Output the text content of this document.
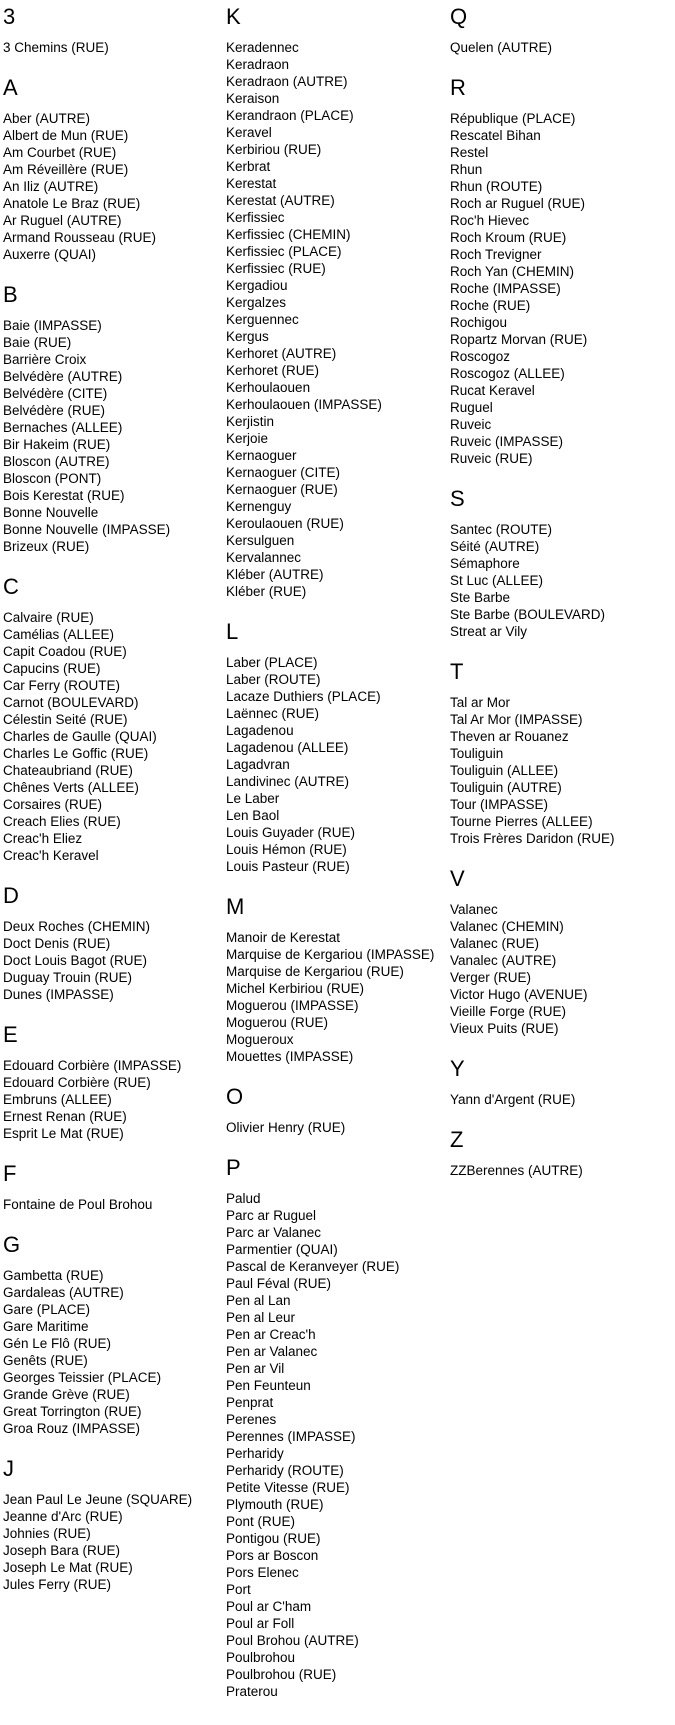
3
3 Chemins (RUE)
A
Aber (AUTRE)
Albert de Mun (RUE)
Am Courbet (RUE)
Am Réveillère (RUE)
An Iliz (AUTRE)
Anatole Le Braz (RUE)
Ar Ruguel (AUTRE)
Armand Rousseau (RUE)
Auxerre (QUAI)
B
Baie (IMPASSE)
Baie (RUE)
Barrière Croix
Belvédère (AUTRE)
Belvédère (CITE)
Belvédère (RUE)
Bernaches (ALLEE)
Bir Hakeim (RUE)
Bloscon (AUTRE)
Bloscon (PONT)
Bois Kerestat (RUE)
Bonne Nouvelle
Bonne Nouvelle (IMPASSE)
Brizeux (RUE)
C
Calvaire (RUE)
Camélias (ALLEE)
Capit Coadou (RUE)
Capucins (RUE)
Car Ferry (ROUTE)
Carnot (BOULEVARD)
Célestin Seité (RUE)
Charles de Gaulle (QUAI)
Charles Le Goffic (RUE)
Chateaubriand (RUE)
Chênes Verts (ALLEE)
Corsaires (RUE)
Creach Elies (RUE)
Creac'h Eliez
Creac'h Keravel
D
Deux Roches (CHEMIN)
Doct Denis (RUE)
Doct Louis Bagot (RUE)
Duguay Trouin (RUE)
Dunes (IMPASSE)
E
Edouard Corbière (IMPASSE)
Edouard Corbière (RUE)
Embruns (ALLEE)
Ernest Renan (RUE)
Esprit Le Mat (RUE)
F
Fontaine de Poul Brohou
G
Gambetta (RUE)
Gardaleas (AUTRE)
Gare (PLACE)
Gare Maritime
Gén Le Flô (RUE)
Genêts (RUE)
Georges Teissier (PLACE)
Grande Grève (RUE)
Great Torrington (RUE)
Groa Rouz (IMPASSE)
J
Jean Paul Le Jeune (SQUARE)
Jeanne d'Arc (RUE)
Johnies (RUE)
Joseph Bara (RUE)
Joseph Le Mat (RUE)
Jules Ferry (RUE)
K
Keradennec
Keradraon
Keradraon (AUTRE)
Keraison
Kerandraon (PLACE)
Keravel
Kerbiriou (RUE)
Kerbrat
Kerestat
Kerestat (AUTRE)
Kerfissiec
Kerfissiec (CHEMIN)
Kerfissiec (PLACE)
Kerfissiec (RUE)
Kergadiou
Kergalzes
Kerguennec
Kergus
Kerhoret (AUTRE)
Kerhoret (RUE)
Kerhoulaouen
Kerhoulaouen (IMPASSE)
Kerjistin
Kerjoie
Kernaoguer
Kernaoguer (CITE)
Kernaoguer (RUE)
Kernenguy
Keroulaouen (RUE)
Kersulguen
Kervalannec
Kléber (AUTRE)
Kléber (RUE)
L
Laber (PLACE)
Laber (ROUTE)
Lacaze Duthiers (PLACE)
Laënnec (RUE)
Lagadenou
Lagadenou (ALLEE)
Lagadvran
Landivinec (AUTRE)
Le Laber
Len Baol
Louis Guyader (RUE)
Louis Hémon (RUE)
Louis Pasteur (RUE)
M
Manoir de Kerestat
Marquise de Kergariou (IMPASSE)
Marquise de Kergariou (RUE)
Michel Kerbiriou (RUE)
Moguerou (IMPASSE)
Moguerou (RUE)
Mogueroux
Mouettes (IMPASSE)
O
Olivier Henry (RUE)
P
Palud
Parc ar Ruguel
Parc ar Valanec
Parmentier (QUAI)
Pascal de Keranveyer (RUE)
Paul Féval (RUE)
Pen al Lan
Pen al Leur
Pen ar Creac'h
Pen ar Valanec
Pen ar Vil
Pen Feunteun
Penprat
Perenes
Perennes (IMPASSE)
Perharidy
Perharidy (ROUTE)
Petite Vitesse (RUE)
Plymouth (RUE)
Pont (RUE)
Pontigou (RUE)
Pors ar Boscon
Pors Elenec
Port
Poul ar C'ham
Poul ar Foll
Poul Brohou (AUTRE)
Poulbrohou
Poulbrohou (RUE)
Praterou
Q
Quelen (AUTRE)
R
République (PLACE)
Rescatel Bihan
Restel
Rhun
Rhun (ROUTE)
Roch ar Ruguel (RUE)
Roc'h Hievec
Roch Kroum (RUE)
Roch Trevigner
Roch Yan (CHEMIN)
Roche (IMPASSE)
Roche (RUE)
Rochigou
Ropartz Morvan (RUE)
Roscogoz
Roscogoz (ALLEE)
Rucat Keravel
Ruguel
Ruveic
Ruveic (IMPASSE)
Ruveic (RUE)
S
Santec (ROUTE)
Séité (AUTRE)
Sémaphore
St Luc (ALLEE)
Ste Barbe
Ste Barbe (BOULEVARD)
Streat ar Vily
T
Tal ar Mor
Tal Ar Mor (IMPASSE)
Theven ar Rouanez
Touliguin
Touliguin (ALLEE)
Touliguin (AUTRE)
Tour (IMPASSE)
Tourne Pierres (ALLEE)
Trois Frères Daridon (RUE)
V
Valanec
Valanec (CHEMIN)
Valanec (RUE)
Vanalec (AUTRE)
Verger (RUE)
Victor Hugo (AVENUE)
Vieille Forge (RUE)
Vieux Puits (RUE)
Y
Yann d'Argent (RUE)
Z
ZZBerennes (AUTRE)
